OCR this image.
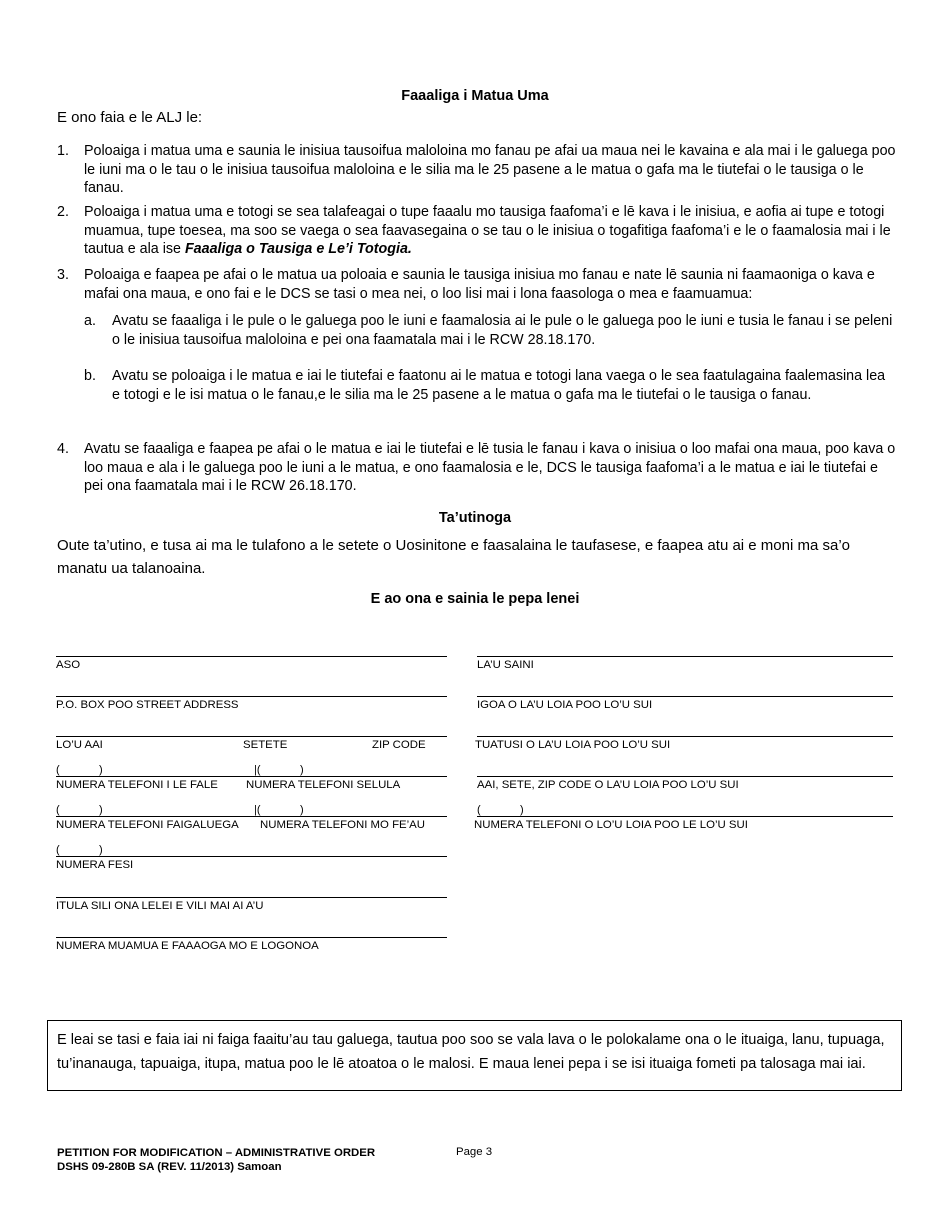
Faaaliga i Matua Uma
E ono faia e le ALJ le:
1.	Poloaiga i matua uma e saunia le inisiua tausoifua maloloina mo fanau pe afai ua maua nei le kavaina e ala mai i le galuega poo le iuni ma o le tau o le inisiua tausoifua maloloina e le silia ma le 25 pasene a le matua o gafa ma le tiutefai o le tausiga o le fanau.
2.	Poloaiga i matua uma e totogi se sea talafeagai o tupe faaalu mo tausiga faafoma’i e lē kava i le inisiua, e aofia ai tupe e totogi muamua, tupe toesea, ma soo se vaega o sea faavasegaina o se tau o le inisiua o togafitiga faafoma’i e le o faamalosia mai i le tautua e ala ise Faaaliga o Tausiga e Le’i Totogia.
3.	Poloaiga e faapea pe afai o le matua ua poloaia e saunia le tausiga inisiua mo fanau e nate lē saunia ni faamaoniga o kava e mafai ona maua, e ono fai e le DCS se tasi o mea nei, o loo lisi mai i lona faasologa o mea e faamuamua:
a.	Avatu se faaaliga i le pule o le galuega poo le iuni e faamalosia ai le pule o le galuega poo le iuni e tusia le fanau i se peleni o le inisiua tausoifua maloloina e pei ona faamatala mai i le RCW 28.18.170.
b.	Avatu se poloaiga i le matua e iai le tiutefai e faatonu ai le matua e totogi lana vaega o le sea faatulagaina faalemasina lea e totogi e le isi matua o le fanau,e le silia ma le 25 pasene a le matua o gafa ma le tiutefai o le tausiga o fanau.
4.	Avatu se faaaliga e faapea pe afai o le matua e iai le tiutefai e lē tusia le fanau i kava o inisiua o loo mafai ona maua, poo kava o loo maua e ala i le galuega poo le iuni a le matua, e ono faamalosia e le, DCS le tausiga faafoma’i a le matua e iai le tiutefai e pei ona faamatala mai i le RCW 26.18.170.
Ta’utinoga
Oute ta’utino, e tusa ai ma le tulafono a le setete o Uosinitone e faasalaina le taufasese, e faapea atu ai e moni ma sa’o manatu ua talanoaina.
E ao ona e sainia le pepa lenei
ASO
P.O. BOX POO STREET ADDRESS
LO’U AAI	SETETE	ZIP CODE
(	)	|(	)
NUMERA TELEFONI I LE FALE NUMERA TELEFONI SELULA
(	)	|(	)
NUMERA TELEFONI FAIGALUEGA NUMERA TELEFONI MO FE’AU
(	)
NUMERA FESI
ITULA SILI ONA LELEI E VILI MAI AI A’U
NUMERA MUAMUA E FAAAOGA MO E LOGONOA
LA’U SAINI
IGOA O LA’U LOIA POO LO’U SUI
TUATUSI O LA’U LOIA POO LO’U SUI
AAI, SETE, ZIP CODE O LA’U LOIA POO LO’U SUI
(	)
NUMERA TELEFONI O LO’U LOIA POO LE LO’U SUI
E leai se tasi e faia iai ni faiga faaitu’au tau galuega, tautua poo soo se vala lava o le polokalame ona o le ituaiga, lanu, tupuaga, tu’inanauga, tapuaiga, itupa, matua poo le lē atoatoa o le malosi. E maua lenei pepa i se isi ituaiga fometi pa talosaga mai iai.
PETITION FOR MODIFICATION – ADMINISTRATIVE ORDER
DSHS 09-280B SA (REV. 11/2013) Samoan
Page 3
